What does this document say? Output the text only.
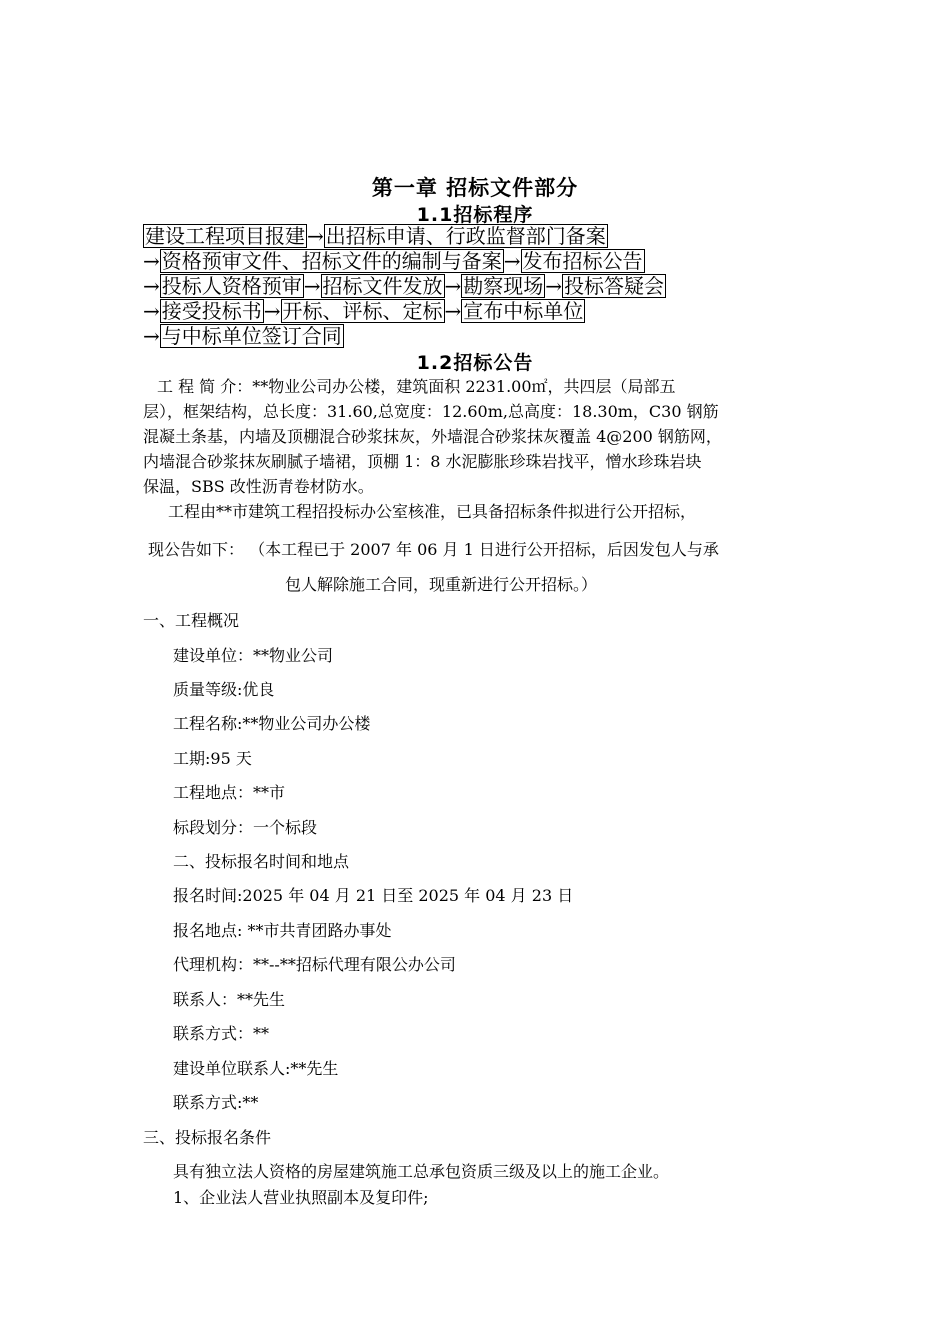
第一章 招标文件部分
1.1招标程序
建设工程项目报建 → 出招标申请、行政监督部门备案
→ 资格预审文件、招标文件的编制与备案 → 发布招标公告
→ 投标人资格预审 → 招标文件发放 → 勘察现场 → 投标答疑会
→ 接受投标书 → 开标、评标、定标 → 宣布中标单位
→ 与中标单位签订合同
1.2招标公告
工 程 简 介：**物业公司办公楼，建筑面积 2231.00㎡，共四层（局部五
层），框架结构，总长度：31.60,总宽度：12.60m,总高度：18.30m，C30 钢筋
混凝土条基，内墙及顶棚混合砂浆抹灰，外墙混合砂浆抹灰覆盖 4@200 钢筋网，
内墙混合砂浆抹灰刷腻子墙裙，顶棚 1：8 水泥膨胀珍珠岩找平，憎水珍珠岩块
保温，SBS 改性沥青卷材防水。
工程由**市建筑工程招投标办公室核准，已具备招标条件拟进行公开招标，
现公告如下： （本工程已于 2007 年 06 月 1 日进行公开招标，后因发包人与承
包人解除施工合同，现重新进行公开招标。）
一、工程概况
建设单位：**物业公司
质量等级:优良
工程名称:**物业公司办公楼
工期:95 天
工程地点：**市
标段划分：一个标段
二、投标报名时间和地点
报名时间:2025 年 04 月 21 日至 2025 年 04 月 23 日
报名地点: **市共青团路办事处
代理机构：**--**招标代理有限公办公司
联系人：**先生
联系方式：**
建设单位联系人:**先生
联系方式:**
三、投标报名条件
具有独立法人资格的房屋建筑施工总承包资质三级及以上的施工企业。
1、企业法人营业执照副本及复印件;
